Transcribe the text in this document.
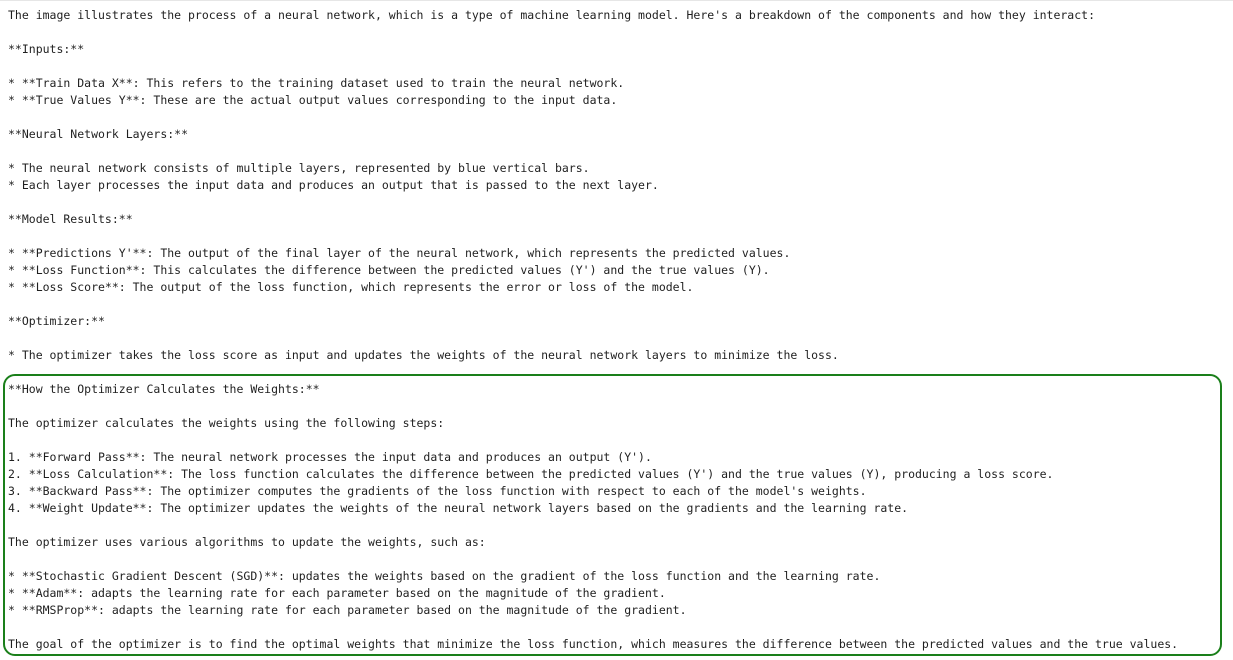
The image illustrates the process of a neural network, which is a type of machine learning model. Here's a breakdown of the components and how they interact:
**Inputs:**
* **Train Data X**: This refers to the training dataset used to train the neural network.
* **True Values Y**: These are the actual output values corresponding to the input data.
**Neural Network Layers:**
* The neural network consists of multiple layers, represented by blue vertical bars.
* Each layer processes the input data and produces an output that is passed to the next layer.
**Model Results:**
* **Predictions Y'**: The output of the final layer of the neural network, which represents the predicted values.
* **Loss Function**: This calculates the difference between the predicted values (Y') and the true values (Y).
* **Loss Score**: The output of the loss function, which represents the error or loss of the model.
**Optimizer:**
* The optimizer takes the loss score as input and updates the weights of the neural network layers to minimize the loss.
**How the Optimizer Calculates the Weights:**
The optimizer calculates the weights using the following steps:
1. **Forward Pass**: The neural network processes the input data and produces an output (Y').
2. **Loss Calculation**: The loss function calculates the difference between the predicted values (Y') and the true values (Y), producing a loss score.
3. **Backward Pass**: The optimizer computes the gradients of the loss function with respect to each of the model's weights.
4. **Weight Update**: The optimizer updates the weights of the neural network layers based on the gradients and the learning rate.
The optimizer uses various algorithms to update the weights, such as:
* **Stochastic Gradient Descent (SGD)**: updates the weights based on the gradient of the loss function and the learning rate.
* **Adam**: adapts the learning rate for each parameter based on the magnitude of the gradient.
* **RMSProp**: adapts the learning rate for each parameter based on the magnitude of the gradient.
The goal of the optimizer is to find the optimal weights that minimize the loss function, which measures the difference between the predicted values and the true values.
